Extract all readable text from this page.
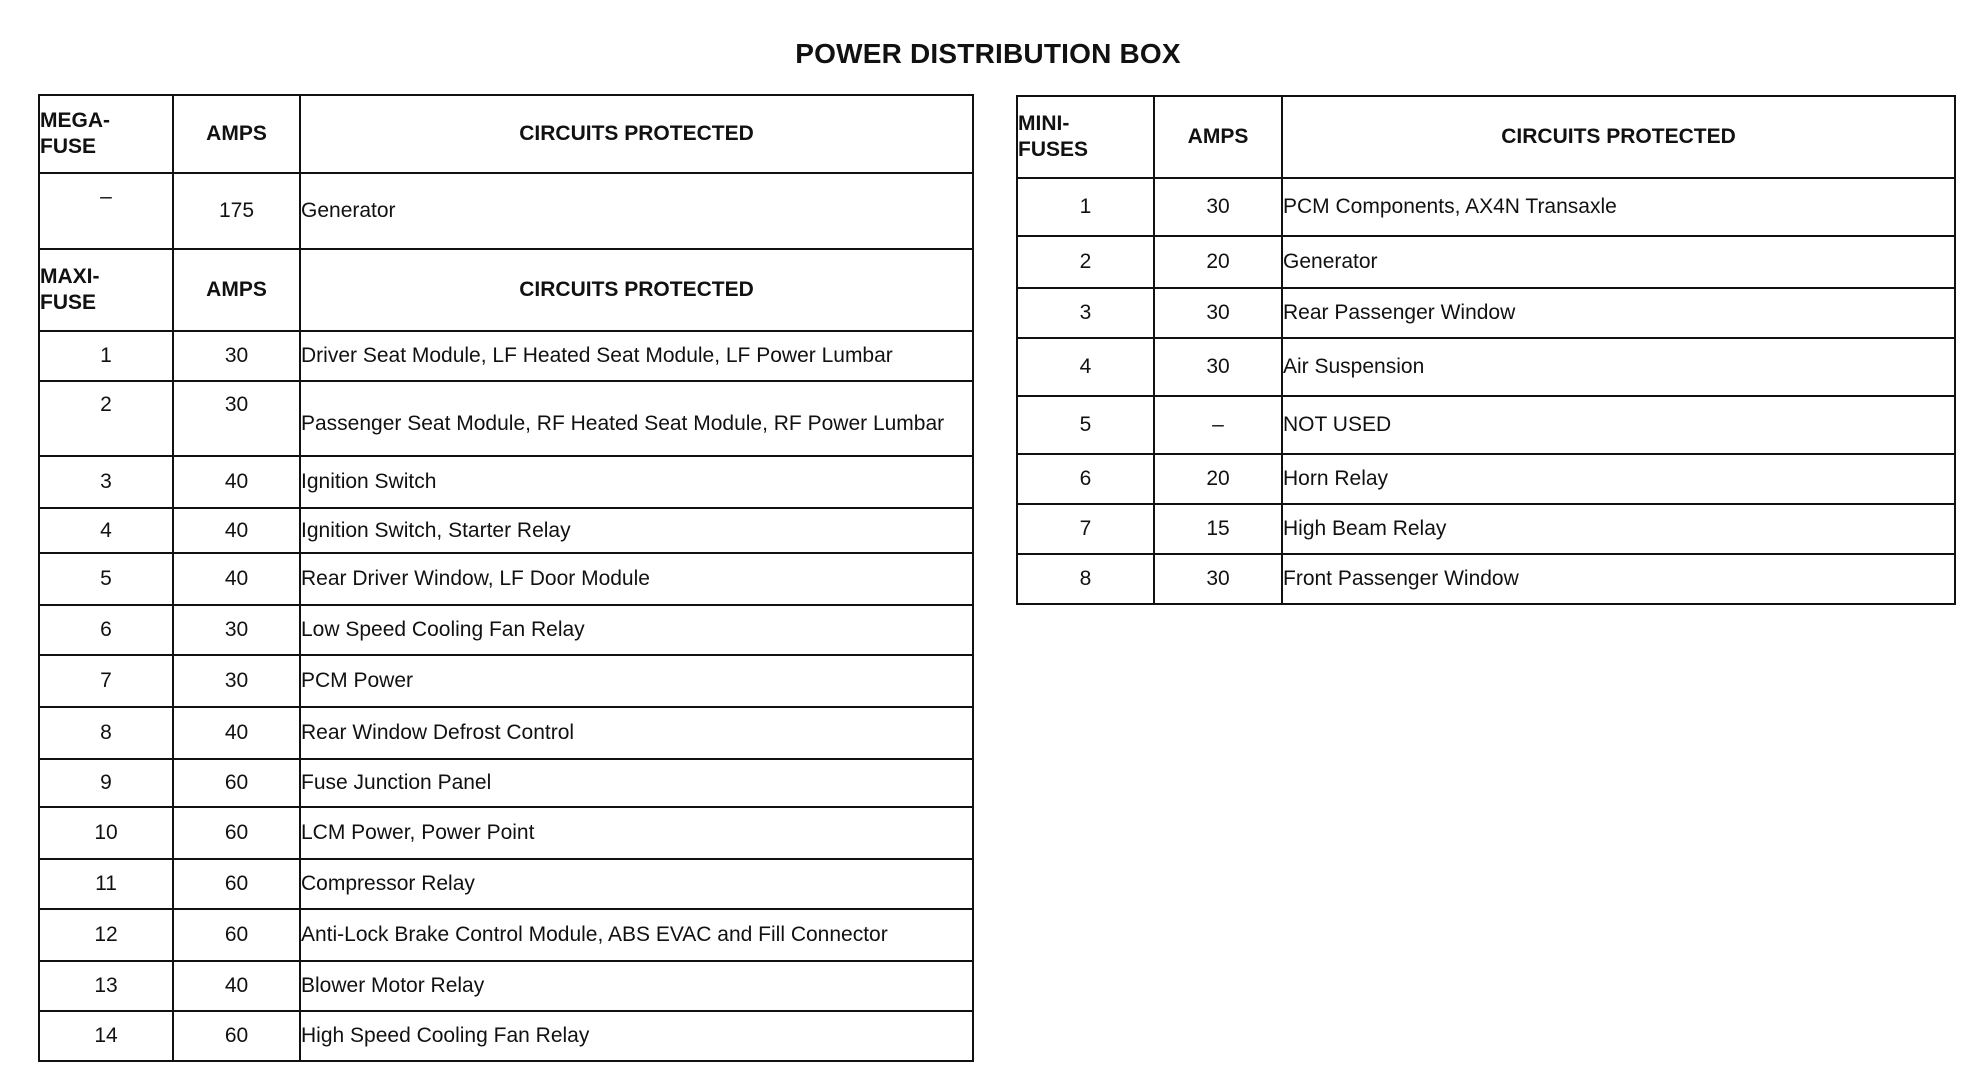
POWER DISTRIBUTION BOX
MEGA-
FUSE	AMPS	CIRCUITS PROTECTED
–	175	Generator

MAXI-
FUSE	AMPS	CIRCUITS PROTECTED
1	30	Driver Seat Module, LF Heated Seat Module, LF Power Lumbar
2	30	Passenger Seat Module, RF Heated Seat Module, RF Power Lumbar
3	40	Ignition Switch
4	40	Ignition Switch, Starter Relay
5	40	Rear Driver Window, LF Door Module
6	30	Low Speed Cooling Fan Relay
7	30	PCM Power
8	40	Rear Window Defrost Control
9	60	Fuse Junction Panel
10	60	LCM Power, Power Point
11	60	Compressor Relay
12	60	Anti-Lock Brake Control Module, ABS EVAC and Fill Connector
13	40	Blower Motor Relay
14	60	High Speed Cooling Fan Relay
MINI-
FUSES	AMPS	CIRCUITS PROTECTED
1	30	PCM Components, AX4N Transaxle
2	20	Generator
3	30	Rear Passenger Window
4	30	Air Suspension
5	–	NOT USED
6	20	Horn Relay
7	15	High Beam Relay
8	30	Front Passenger Window
